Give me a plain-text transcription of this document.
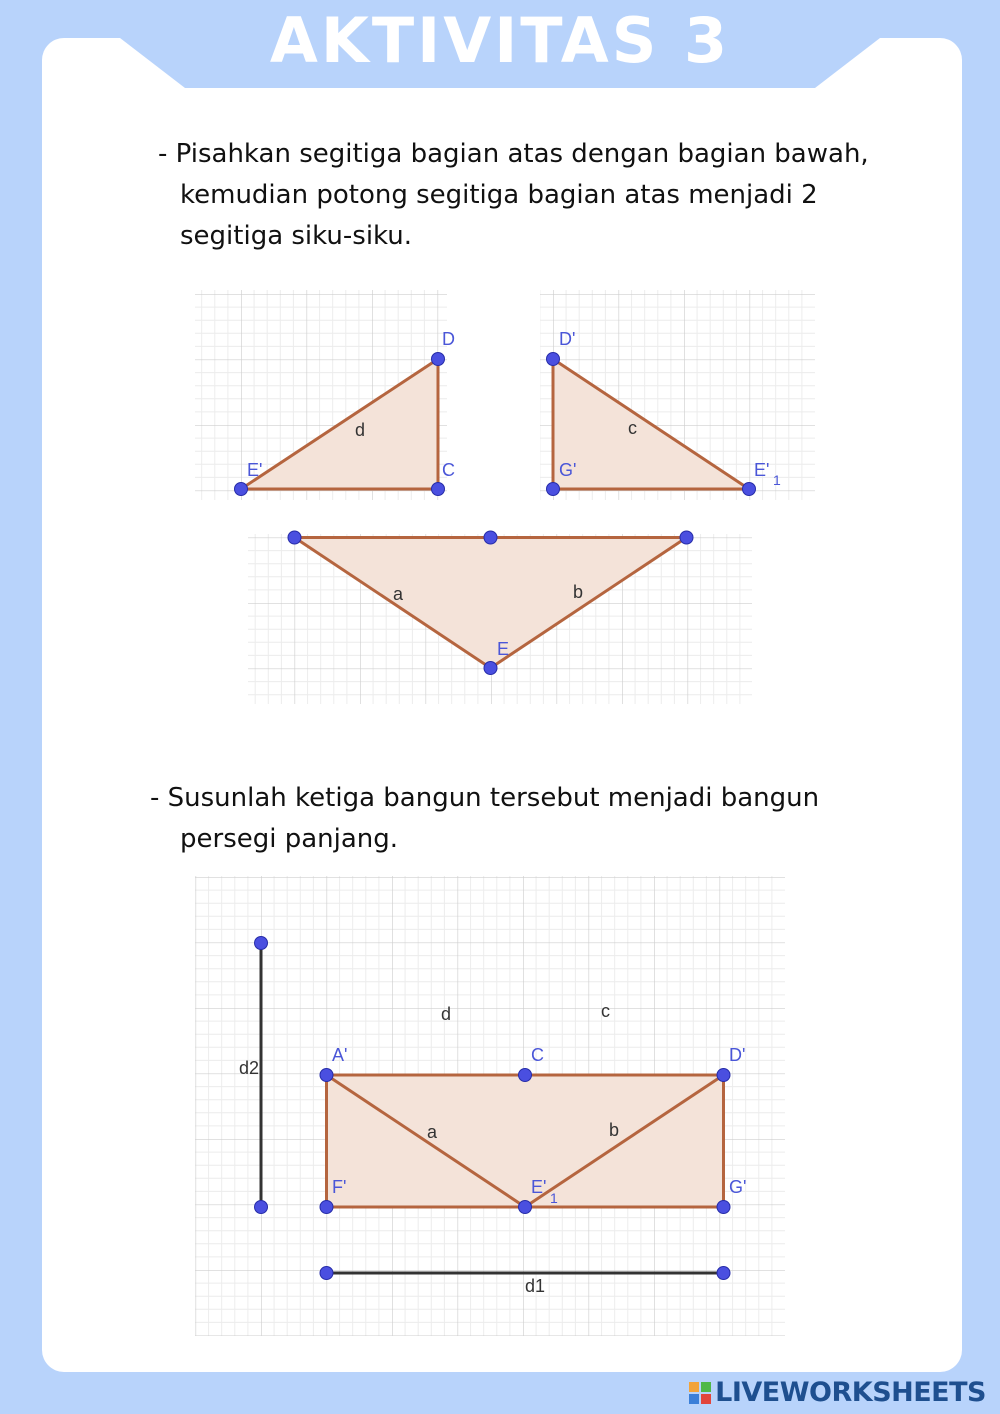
AKTIVITAS 3
- Pisahkan segitiga bagian atas dengan bagian bawah,
kemudian potong segitiga bagian atas menjadi 2
segitiga siku-siku.
- Susunlah ketiga bangun tersebut menjadi bangun
persegi panjang.
D
E'	C
d
D'
G'	E' 1
c
E
a	b
A'	C	D'
F'	E'
1
G'
a	b
c
d
d2
d1
LIVEWORKSHEETS
